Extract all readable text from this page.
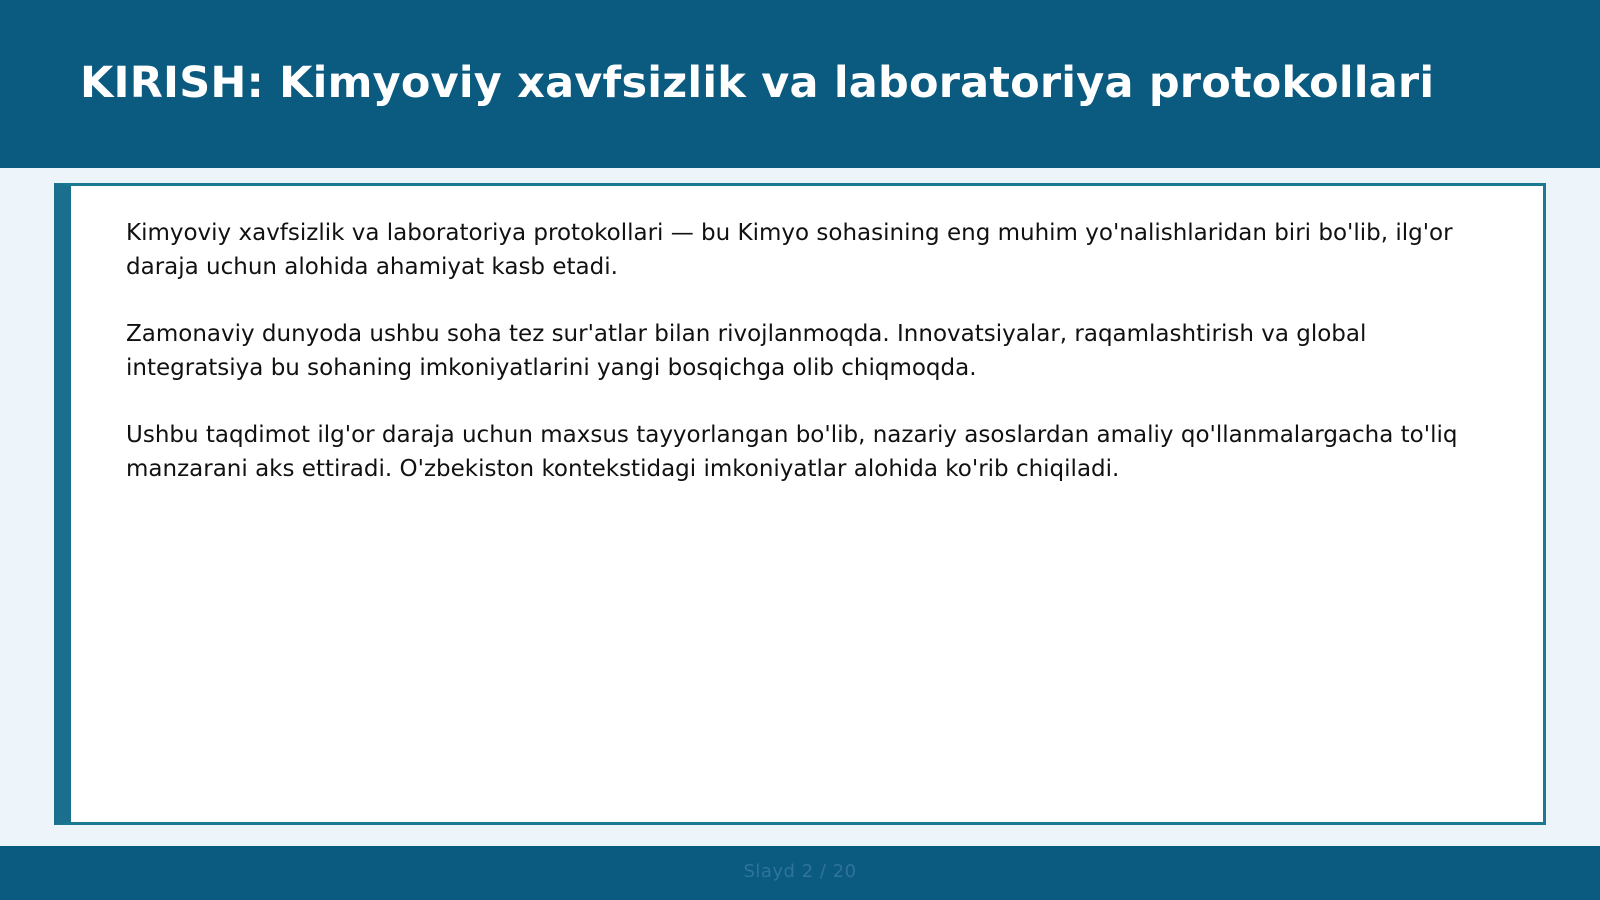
KIRISH: Kimyoviy xavfsizlik va laboratoriya protokollari

Kimyoviy xavfsizlik va laboratoriya protokollari — bu Kimyo sohasining eng muhim yo'nalishlaridan biri bo'lib, ilg'or daraja uchun alohida ahamiyat kasb etadi.

Zamonaviy dunyoda ushbu soha tez sur'atlar bilan rivojlanmoqda. Innovatsiyalar, raqamlashtirish va global integratsiya bu sohaning imkoniyatlarini yangi bosqichga olib chiqmoqda.

Ushbu taqdimot ilg'or daraja uchun maxsus tayyorlangan bo'lib, nazariy asoslardan amaliy qo'llanmalargacha to'liq manzarani aks ettiradi. O'zbekiston kontekstidagi imkoniyatlar alohida ko'rib chiqiladi.

Slayd 2 / 20
